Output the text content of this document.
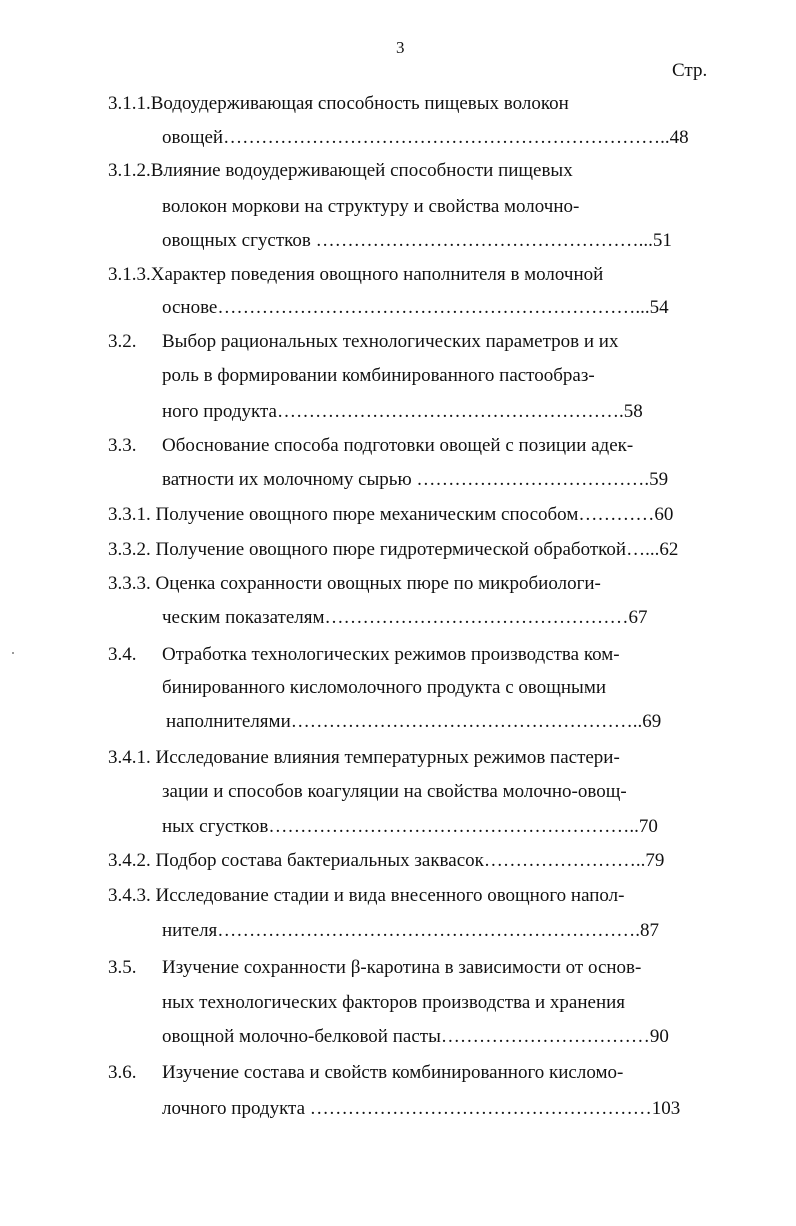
3
Стр.
3.1.1.Водоудерживающая способность пищевых волокон
овощей……………………………………………………………..48
3.1.2.Влияние водоудерживающей способности пищевых
волокон моркови на структуру и свойства молочно-
овощных сгустков ……………………………………………...51
3.1.3.Характер поведения овощного наполнителя в молочной
основе…………………………………………………………...54
3.2. Выбор рациональных технологических параметров и их
роль в формировании комбинированного пастообраз-
ного продукта……………………………………………….58
3.3. Обоснование способа подготовки овощей с позиции адек-
ватности их молочному сырью ……………………………….59
3.3.1. Получение овощного пюре механическим способом…………60
3.3.2. Получение овощного пюре гидротермической обработкой…...62
3.3.3. Оценка сохранности овощных пюре по микробиологи-
ческим показателям…………………………………………67
3.4. Отработка технологических режимов производства ком-
бинированного кисломолочного продукта с овощными
наполнителями………………………………………………..69
3.4.1. Исследование влияния температурных режимов пастери-
зации и способов коагуляции на свойства молочно-овощ-
ных сгустков…………………………………………………..70
3.4.2. Подбор состава бактериальных заквасок……………………..79
3.4.3. Исследование стадии и вида внесенного овощного напол-
нителя………………………………………………………….87
3.5. Изучение сохранности β-каротина в зависимости от основ-
ных технологических факторов производства и хранения
овощной молочно-белковой пасты……………………………90
3.6. Изучение состава и свойств комбинированного кисломо-
лочного продукта ………………………………………………103
